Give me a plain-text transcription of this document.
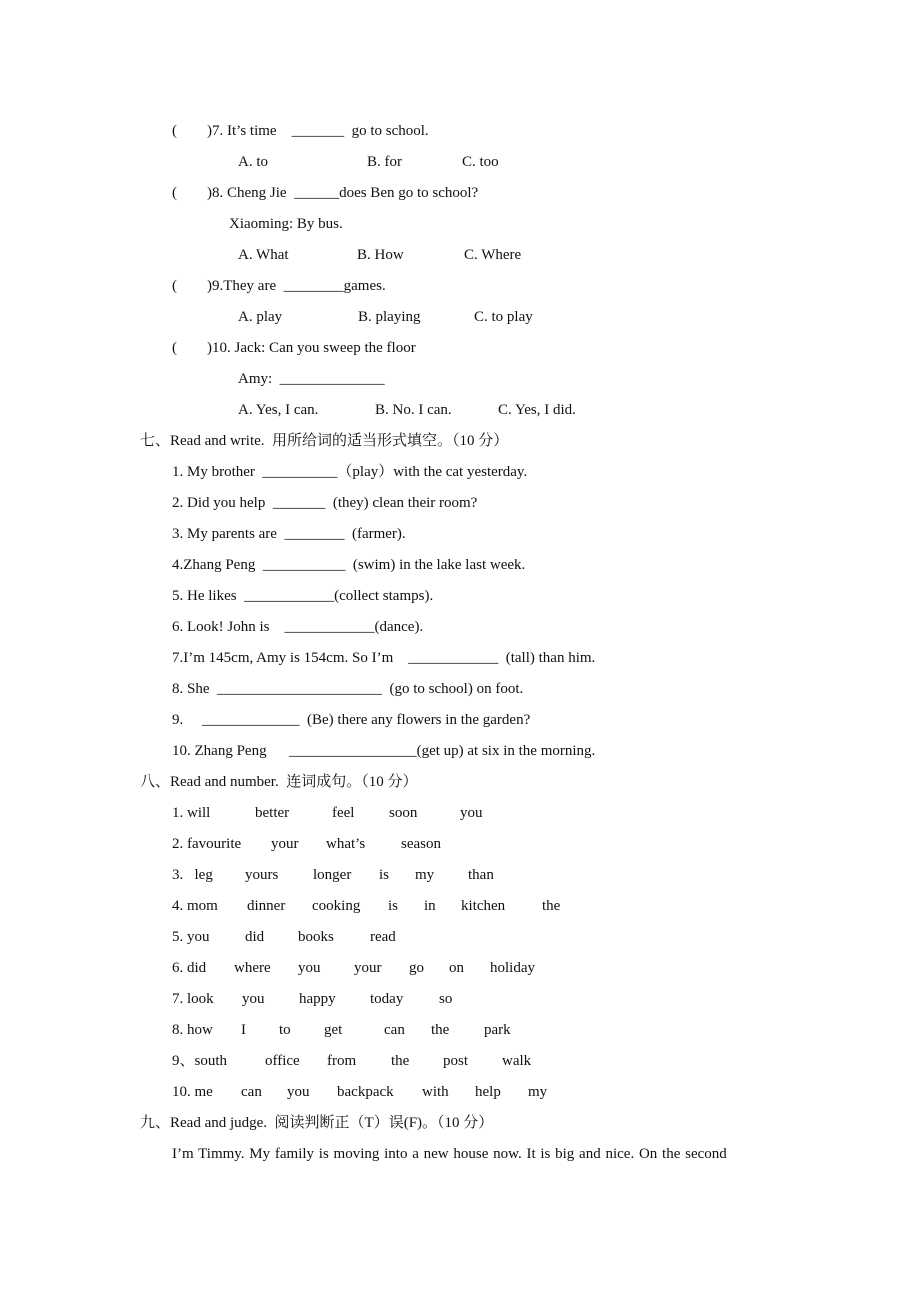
(        )7. It’s time    _______  go to school.
A. to	B. for	C. too
(        )8. Cheng Jie  ______does Ben go to school?
Xiaoming: By bus.
A. What	B. How	C. Where
(        )9.They are  ________games.
A. play	B. playing	C. to play
(        )10. Jack: Can you sweep the floor
Amy:  ______________
A. Yes, I can.	B. No. I can.	C. Yes, I did.
七、Read and write.  用所给词的适当形式填空。（10 分）
1. My brother  __________（play）with the cat yesterday.
2. Did you help  _______  (they) clean their room?
3. My parents are  ________  (farmer).
4.Zhang Peng  ___________  (swim) in the lake last week.
5. He likes  ____________(collect stamps).
6. Look! John is    ____________(dance).
7.I’m 145cm, Amy is 154cm. So I’m    ____________  (tall) than him.
8. She  ______________________  (go to school) on foot.
9.     _____________  (Be) there any flowers in the garden?
10. Zhang Peng      _________________(get up) at six in the morning.
八、Read and number.  连词成句。（10 分）
1. will	better	feel soon	you
2. favourite your what’s season
3.   leg yours longer is my than
4. mom dinner cooking is in kitchen the
5. you did books read
6. did where you your go on holiday
7. look you happy today so
8. how I to get	can the park
9、south	office from the post walk
10. me can you backpack with help my
九、Read and judge.  阅读判断正（T）误(F)。（10 分）
I’m Timmy. My family is moving into a new house now. It is big and nice. On the second
